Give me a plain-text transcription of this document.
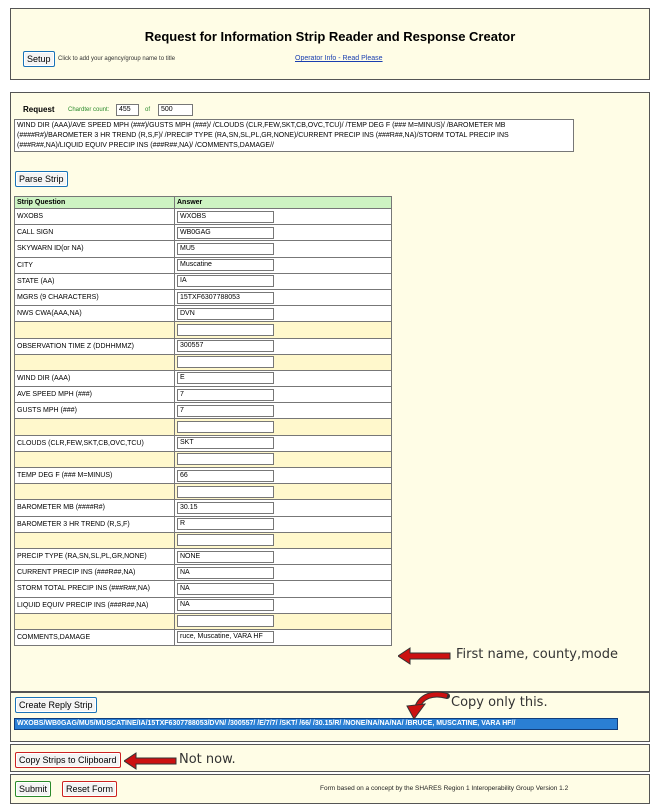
Request for Information Strip Reader and Response Creator
Setup	Click to add your agency/group name to title	Operator Info - Read Please
Request Chardter count:	455	of	500
WIND DIR (AAA)/AVE SPEED MPH (###)/GUSTS MPH (###)/ /CLOUDS (CLR,FEW,SKT,CB,OVC,TCU)/ /TEMP DEG F (### M=MINUS)/ /BAROMETER MB (####R#)/BAROMETER 3 HR TREND (R,S,F)/ /PRECIP TYPE (RA,SN,SL,PL,GR,NONE)/CURRENT PRECIP INS (###R##,NA)/STORM TOTAL PRECIP INS (###R##,NA)/LIQUID EQUIV PRECIP INS (###R##,NA)/ /COMMENTS,DAMAGE//
Parse Strip
Strip Question	Answer
WXOBS	WXOBS
CALL SIGN	WB0GAG
SKYWARN ID(or NA)	MU5
CITY	Muscatine
STATE (AA)	IA
MGRS (9 CHARACTERS)	15TXF6307788053
NWS CWA(AAA,NA)	DVN

OBSERVATION TIME Z (DDHHMMZ)	300557

WIND DIR (AAA)	E
AVE SPEED MPH (###)	7
GUSTS MPH (###)	7

CLOUDS (CLR,FEW,SKT,CB,OVC,TCU)	SKT

TEMP DEG F (### M=MINUS)	66

BAROMETER MB (####R#)	30.15
BAROMETER 3 HR TREND (R,S,F)	R

PRECIP TYPE (RA,SN,SL,PL,GR,NONE)	NONE
CURRENT PRECIP INS (###R##,NA)	NA
STORM TOTAL PRECIP INS (###R##,NA)	NA
LIQUID EQUIV PRECIP INS (###R##,NA)	NA

COMMENTS,DAMAGE	ruce, Muscatine, VARA HF
Create Reply Strip
WXOBS/WB0GAG/MU5/MUSCATINE/IA/15TXF6307788053/DVN/ /300557/ /E/7/7/ /SKT/ /66/ /30.15/R/ /NONE/NA/NA/NA/ /BRUCE, MUSCATINE, VARA HF//
Copy Strips to Clipboard
Submit	Reset Form	Form based on a concept by the SHARES Region 1 Interoperability Group Version 1.2
First name, county,mode
Copy only this.
Not now.
